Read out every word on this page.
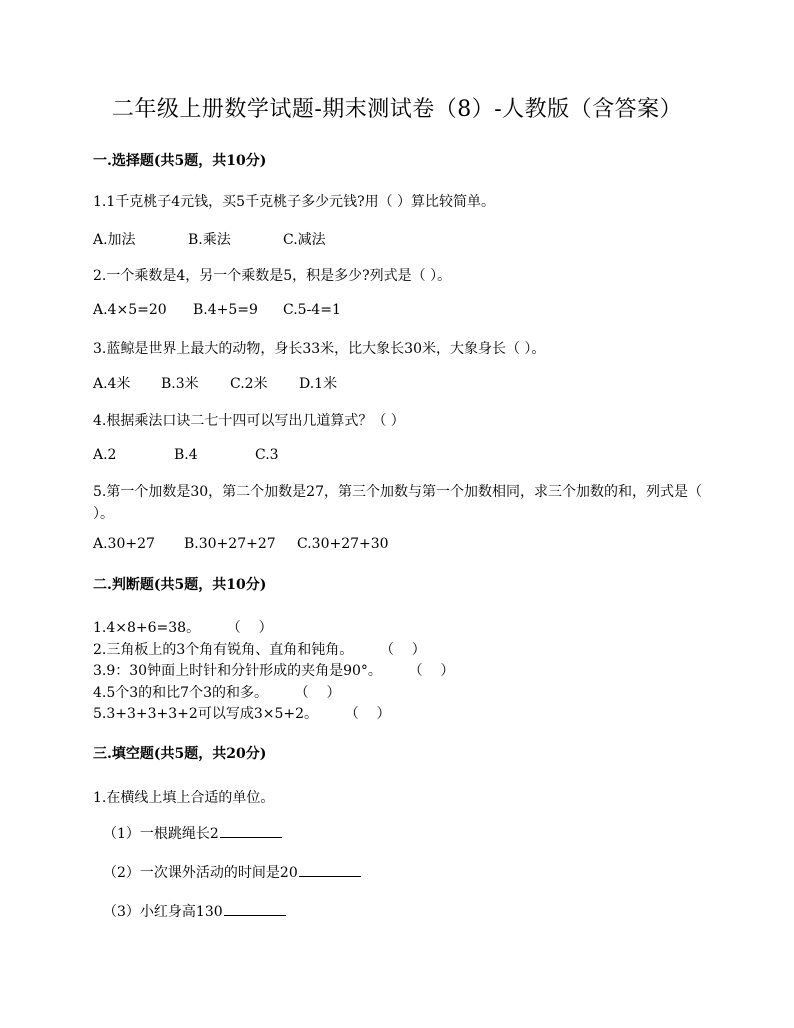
二年级上册数学试题-期末测试卷（8）-人教版（含答案）
一.选择题(共5题，共10分)
1.1千克桃子4元钱，买5千克桃子多少元钱?用（ ）算比较简单。
A.加法	B.乘法	C.减法
2.一个乘数是4，另一个乘数是5，积是多少?列式是（ ）。
A.4×5=20 B.4+5=9 C.5-4=1
3.蓝鲸是世界上最大的动物，身长33米，比大象长30米，大象身长（ ）。
A.4米 B.3米 C.2米 D.1米
4.根据乘法口诀二七十四可以写出几道算式？（ ）
A.2	B.4	C.3
5.第一个加数是30，第二个加数是27，第三个加数与第一个加数相同，求三个加数的和，列式是（ ）。
A.30+27 B.30+27+27 C.30+27+30
二.判断题(共5题，共10分)
1.4×8+6=38。      （    ）
2.三角板上的3个角有锐角、直角和钝角。      （    ）
3.9：30钟面上时针和分针形成的夹角是90°。      （    ）
4.5个3的和比7个3的和多。      （    ）
5.3+3+3+3+2可以写成3×5+2。      （    ）
三.填空题(共5题，共20分)
1.在横线上填上合适的单位。
（1）一根跳绳长2
（2）一次课外活动的时间是20
（3）小红身高130
